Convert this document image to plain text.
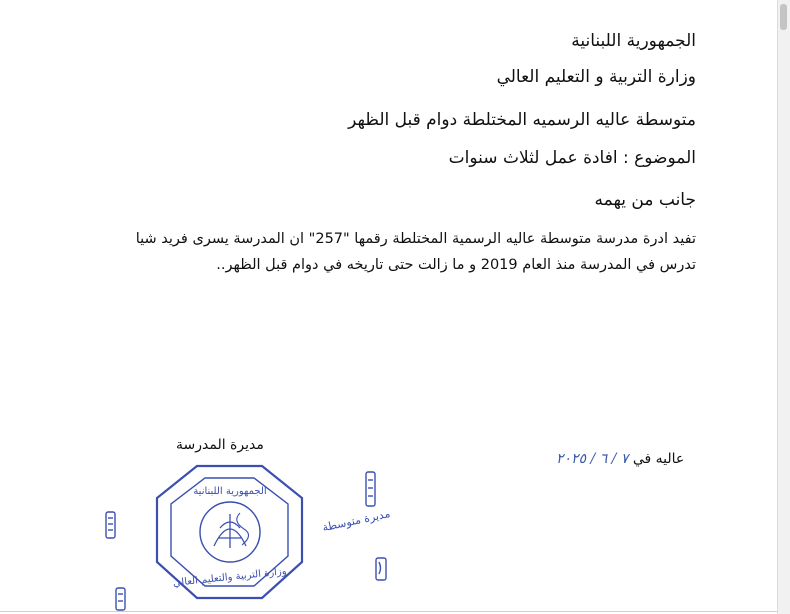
الجمهورية اللبنانية
وزارة التربية و التعليم العالي
متوسطة عاليه الرسميه المختلطة دوام قبل الظهر
الموضوع : افادة عمل لثلاث سنوات
جانب من يهمه
تفيد ادرة مدرسة متوسطة عاليه الرسمية المختلطة رقمها "257" ان المدرسة يسرى فريد شيا
تدرس في المدرسة منذ العام 2019 و ما زالت حتى تاريخه في دوام قبل الظهر..
مديرة المدرسة
عاليه في ٧ / ٦ / ٢٠٢٥
الجمهورية اللبنانية
مديرة متوسطة
وزارة التربية والتعليم العالي
